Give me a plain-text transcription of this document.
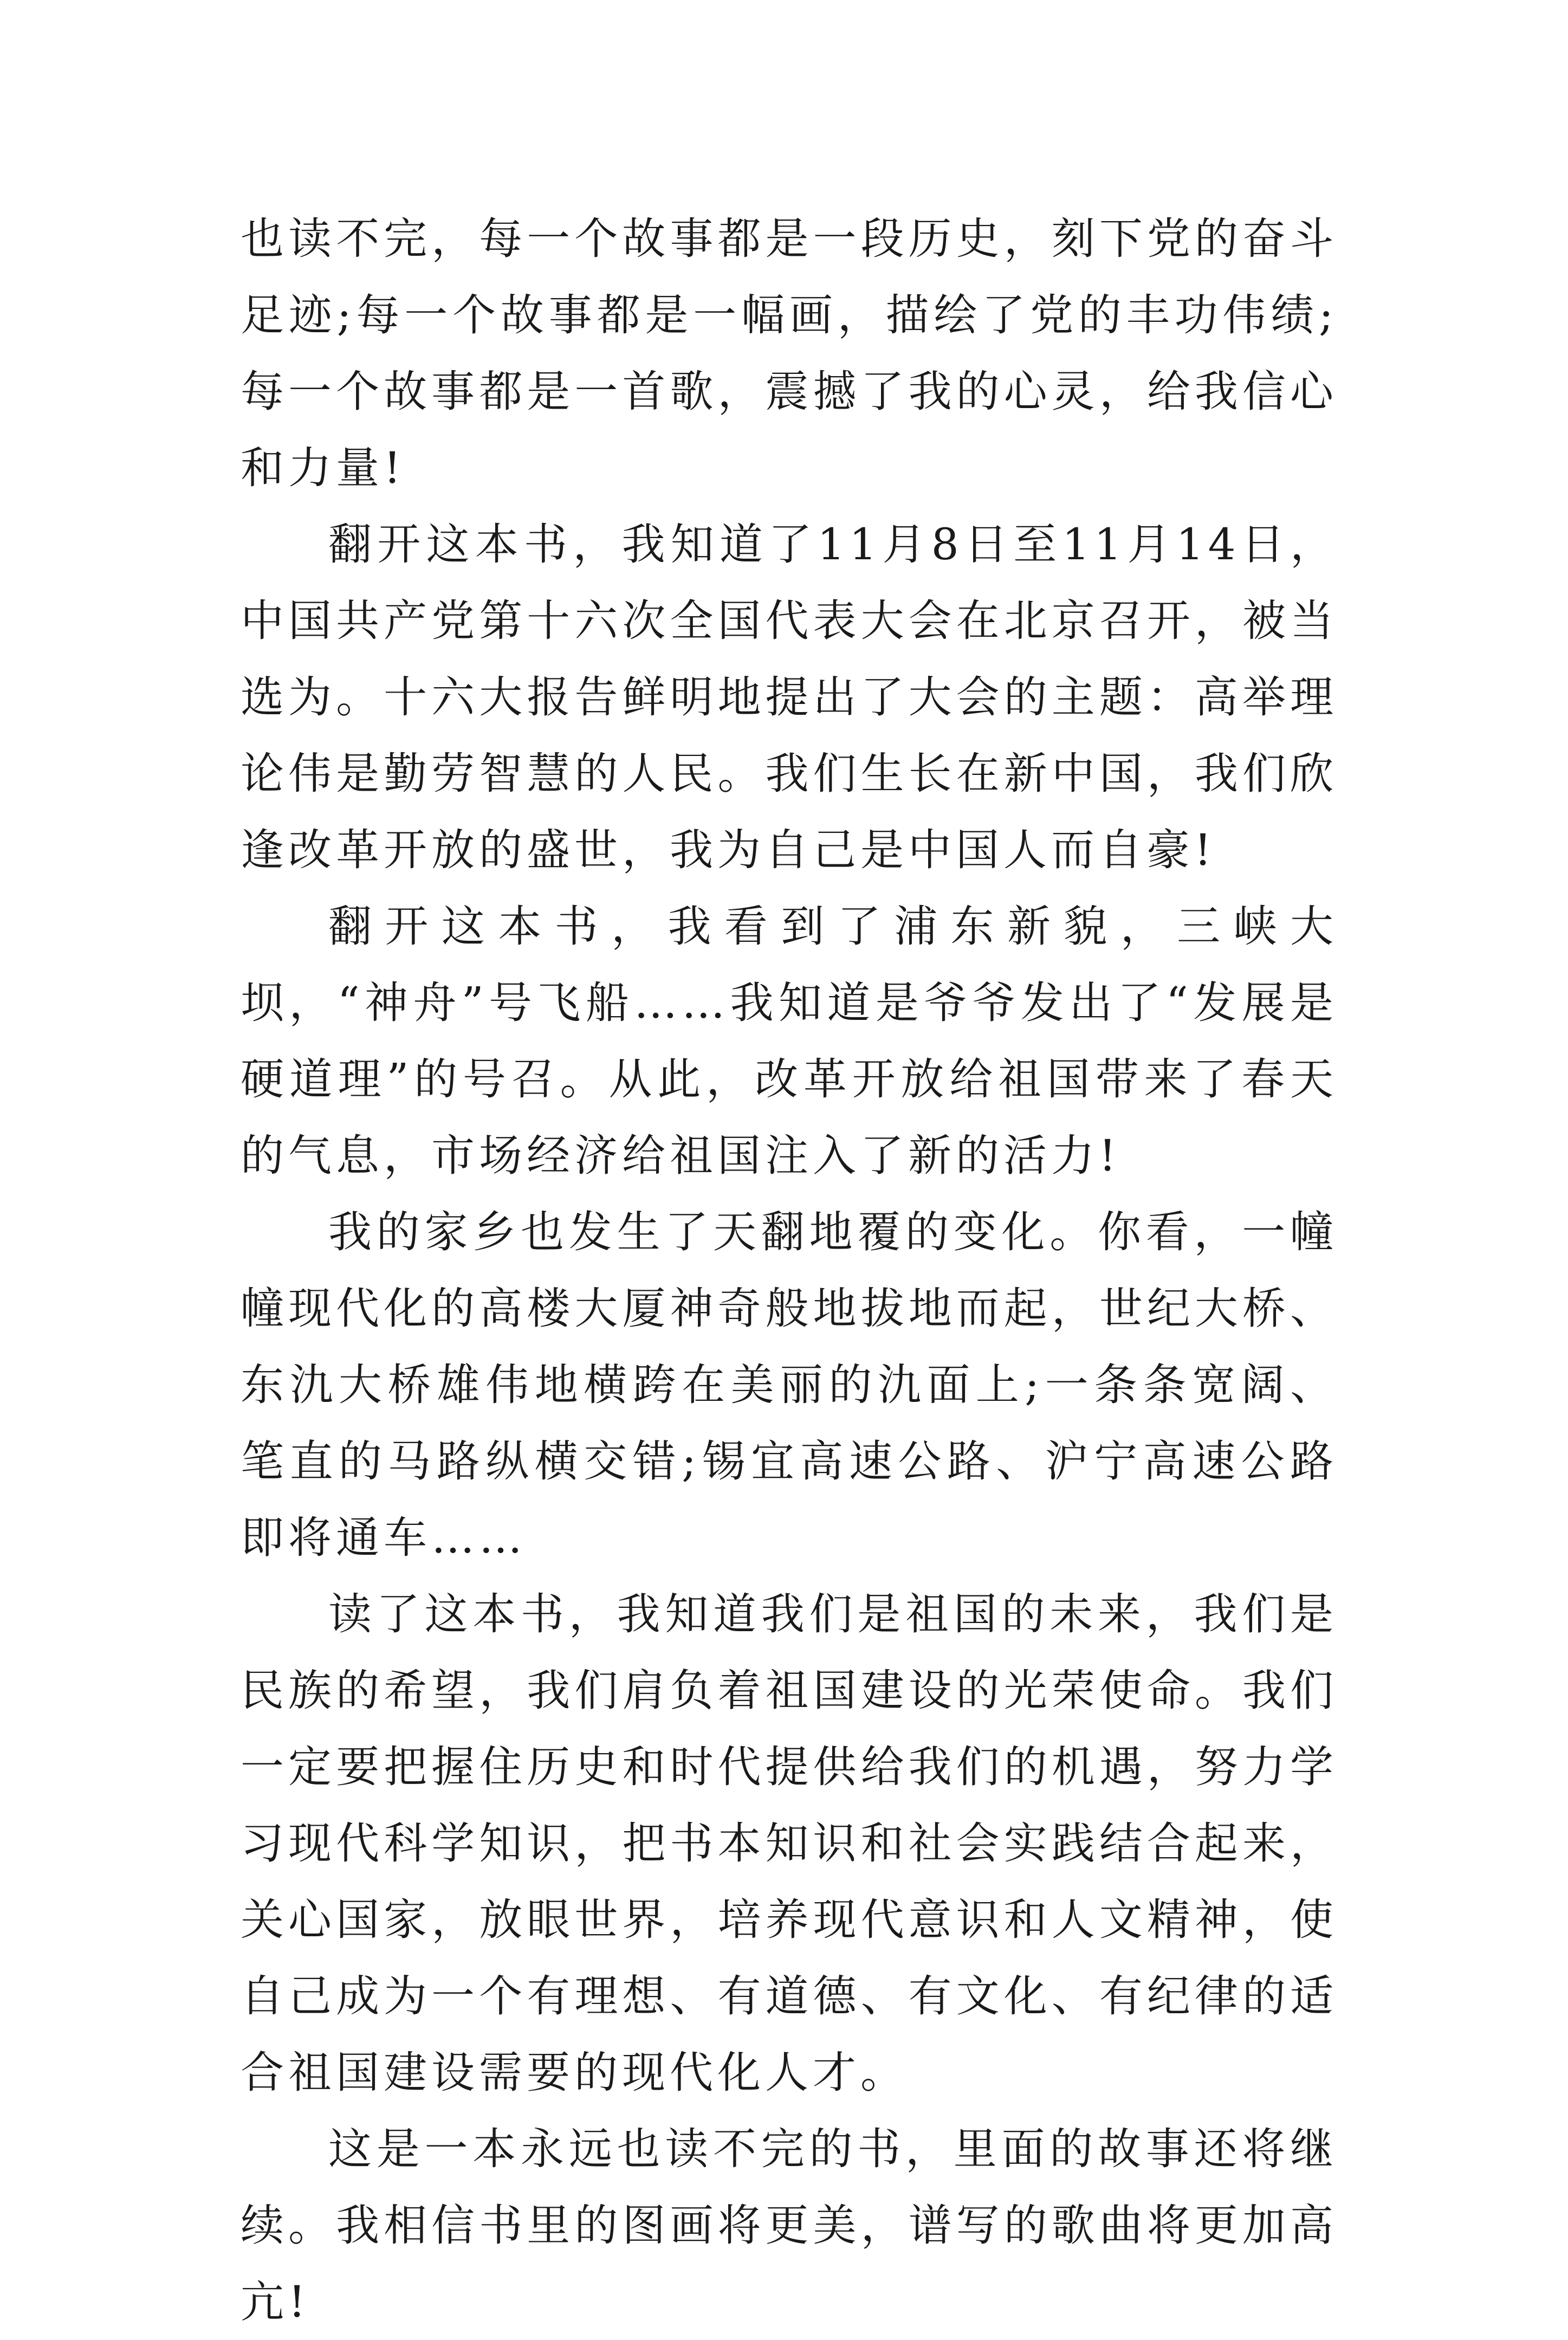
也读不完，每一个故事都是一段历史，刻下党的奋斗足迹;每一个故事都是一幅画，描绘了党的丰功伟绩;每一个故事都是一首歌，震撼了我的心灵，给我信心和力量!

翻开这本书，我知道了11月8日至11月14日，中国共产党第十六次全国代表大会在北京召开，被当选为。十六大报告鲜明地提出了大会的主题：高举理论伟是勤劳智慧的人民。我们生长在新中国，我们欣逢改革开放的盛世，我为自己是中国人而自豪!

翻开这本书，我看到了浦东新貌，三峡大坝，“神舟”号飞船……我知道是爷爷发出了“发展是硬道理”的号召。从此，改革开放给祖国带来了春天的气息，市场经济给祖国注入了新的活力!

我的家乡也发生了天翻地覆的变化。你看，一幢幢现代化的高楼大厦神奇般地拔地而起，世纪大桥、东氿大桥雄伟地横跨在美丽的氿面上;一条条宽阔、笔直的马路纵横交错;锡宜高速公路、沪宁高速公路即将通车……

读了这本书，我知道我们是祖国的未来，我们是民族的希望，我们肩负着祖国建设的光荣使命。我们一定要把握住历史和时代提供给我们的机遇，努力学习现代科学知识，把书本知识和社会实践结合起来，关心国家，放眼世界，培养现代意识和人文精神，使自己成为一个有理想、有道德、有文化、有纪律的适合祖国建设需要的现代化人才。

这是一本永远也读不完的书，里面的故事还将继续。我相信书里的图画将更美，谱写的歌曲将更加高亢!
